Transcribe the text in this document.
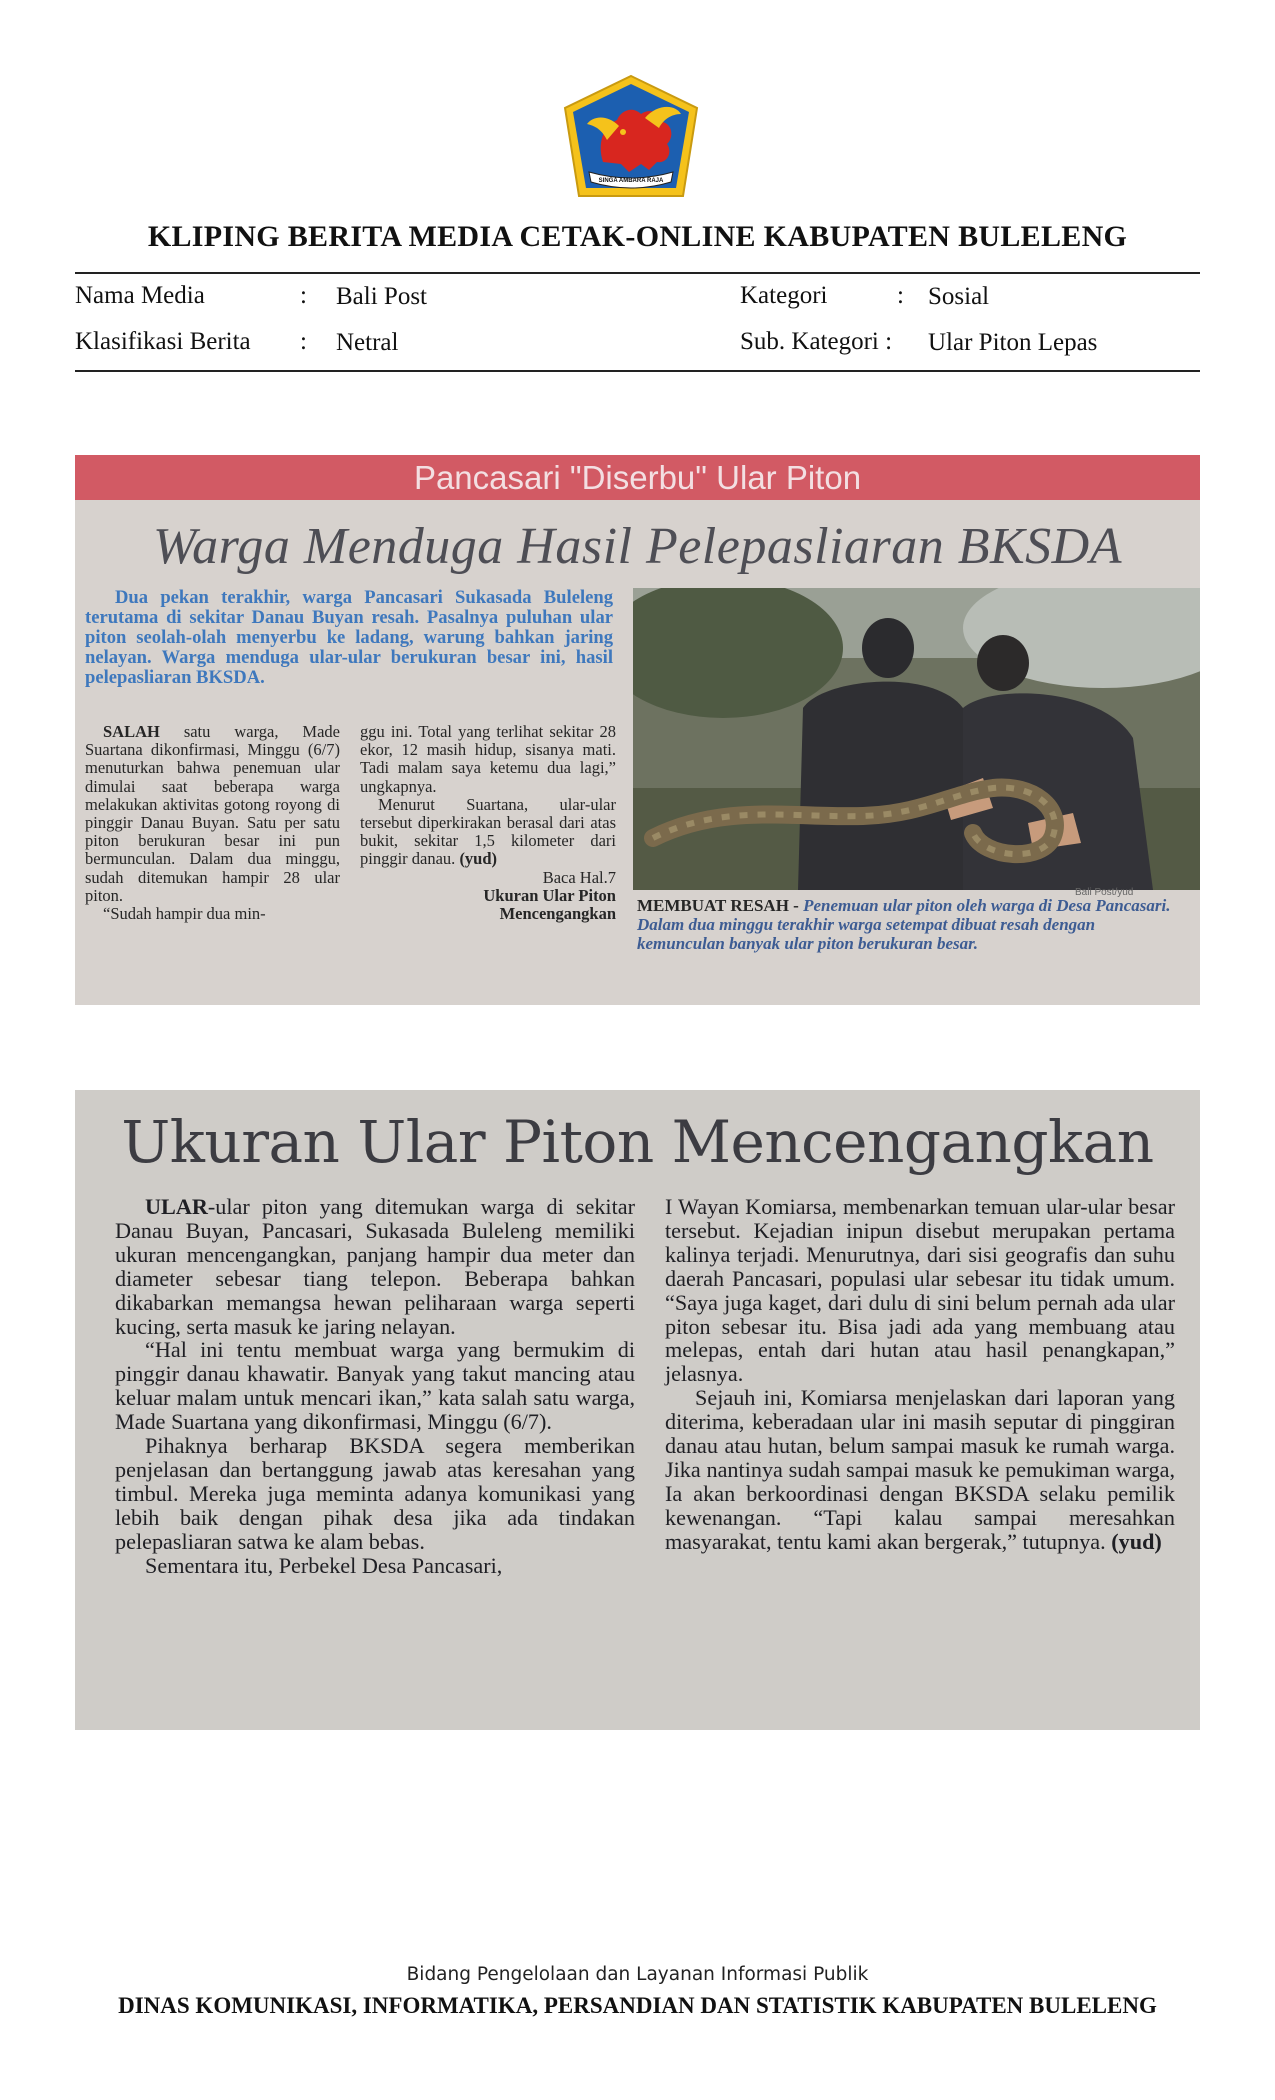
SINGA AMBARA RAJA
KLIPING BERITA MEDIA CETAK-ONLINE KABUPATEN BULELENG
Nama Media	: Bali Post	Kategori	: Sosial
Klasifikasi Berita : Netral	Sub. Kategori : Ular Piton Lepas
Pancasari "Diserbu" Ular Piton
Warga Menduga Hasil Pelepasliaran BKSDA
Dua pekan terakhir, warga Pancasari Sukasada Buleleng terutama di sekitar Danau Buyan resah. Pasalnya puluhan ular piton seolah-olah menyerbu ke ladang, warung bahkan jaring nelayan. Warga menduga ular-ular berukuran besar ini, hasil pelepasliaran BKSDA.

SALAH satu warga, Made Suartana dikonfirmasi, Minggu (6/7) menuturkan bahwa penemuan ular dimulai saat beberapa warga melakukan aktivitas gotong royong di pinggir Danau Buyan. Satu per satu piton berukuran besar ini pun bermunculan. Dalam dua minggu, sudah ditemukan hampir 28 ular piton.

“Sudah hampir dua min-

ggu ini. Total yang terlihat sekitar 28 ekor, 12 masih hidup, sisanya mati. Tadi malam saya ketemu dua lagi,” ungkapnya.

Menurut Suartana, ular-ular tersebut diperkirakan berasal dari atas bukit, sekitar 1,5 kilometer dari pinggir danau. (yud)

Baca Hal.7

Ukuran Ular Piton

Mencengangkan

Bali Post/yud
MEMBUAT RESAH - Penemuan ular piton oleh warga di Desa Pancasari. Dalam dua minggu terakhir warga setempat dibuat resah dengan kemunculan banyak ular piton berukuran besar.
Ukuran Ular Piton Mencengangkan

ULAR-ular piton yang ditemukan warga di sekitar Danau Buyan, Pancasari, Sukasada Buleleng memiliki ukuran mencengangkan, panjang hampir dua meter dan diameter sebesar tiang telepon. Beberapa bahkan dikabarkan memangsa hewan peliharaan warga seperti kucing, serta masuk ke jaring nelayan.

“Hal ini tentu membuat warga yang bermukim di pinggir danau khawatir. Banyak yang takut mancing atau keluar malam untuk mencari ikan,” kata salah satu warga, Made Suartana yang dikonfirmasi, Minggu (6/7).

Pihaknya berharap BKSDA segera memberikan penjelasan dan bertanggung jawab atas keresahan yang timbul. Mereka juga meminta adanya komunikasi yang lebih baik dengan pihak desa jika ada tindakan pelepasliaran satwa ke alam bebas.

Sementara itu, Perbekel Desa Pancasari,

I Wayan Komiarsa, membenarkan temuan ular-ular besar tersebut. Kejadian inipun disebut merupakan pertama kalinya terjadi. Menurutnya, dari sisi geografis dan suhu daerah Pancasari, populasi ular sebesar itu tidak umum. “Saya juga kaget, dari dulu di sini belum pernah ada ular piton sebesar itu. Bisa jadi ada yang membuang atau melepas, entah dari hutan atau hasil penangkapan,” jelasnya.

Sejauh ini, Komiarsa menjelaskan dari laporan yang diterima, keberadaan ular ini masih seputar di pinggiran danau atau hutan, belum sampai masuk ke rumah warga. Jika nantinya sudah sampai masuk ke pemukiman warga, Ia akan berkoordinasi dengan BKSDA selaku pemilik kewenangan. “Tapi kalau sampai meresahkan masyarakat, tentu kami akan bergerak,” tutupnya. (yud)

Bidang Pengelolaan dan Layanan Informasi Publik
DINAS KOMUNIKASI, INFORMATIKA, PERSANDIAN DAN STATISTIK KABUPATEN BULELENG
